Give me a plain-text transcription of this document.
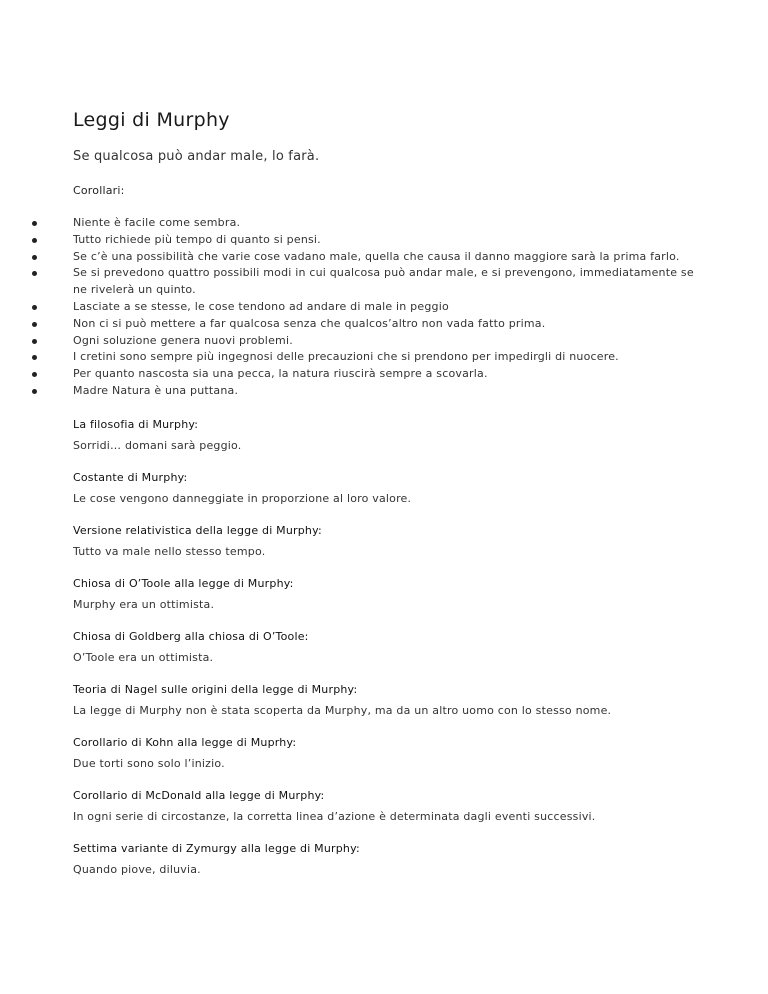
Leggi di Murphy

Se qualcosa può andar male, lo farà.

Corollari:

Niente è facile come sembra.
Tutto richiede più tempo di quanto si pensi.
Se c’è una possibilità che varie cose vadano male, quella che causa il danno maggiore sarà la prima farlo.
Se si prevedono quattro possibili modi in cui qualcosa può andar male, e si prevengono, immediatamente se ne rivelerà un quinto.
Lasciate a se stesse, le cose tendono ad andare di male in peggio
Non ci si può mettere a far qualcosa senza che qualcos’altro non vada fatto prima.
Ogni soluzione genera nuovi problemi.
I cretini sono sempre più ingegnosi delle precauzioni che si prendono per impedirgli di nuocere.
Per quanto nascosta sia una pecca, la natura riuscirà sempre a scovarla.
Madre Natura è una puttana.

La filosofia di Murphy:

Sorridi… domani sarà peggio.

Costante di Murphy:

Le cose vengono danneggiate in proporzione al loro valore.

Versione relativistica della legge di Murphy:

Tutto va male nello stesso tempo.

Chiosa di O’Toole alla legge di Murphy:

Murphy era un ottimista.

Chiosa di Goldberg alla chiosa di O’Toole:

O’Toole era un ottimista.

Teoria di Nagel sulle origini della legge di Murphy:

La legge di Murphy non è stata scoperta da Murphy, ma da un altro uomo con lo stesso nome.

Corollario di Kohn alla legge di Muprhy:

Due torti sono solo l’inizio.

Corollario di McDonald alla legge di Murphy:

In ogni serie di circostanze, la corretta linea d’azione è determinata dagli eventi successivi.

Settima variante di Zymurgy alla legge di Murphy:

Quando piove, diluvia.
